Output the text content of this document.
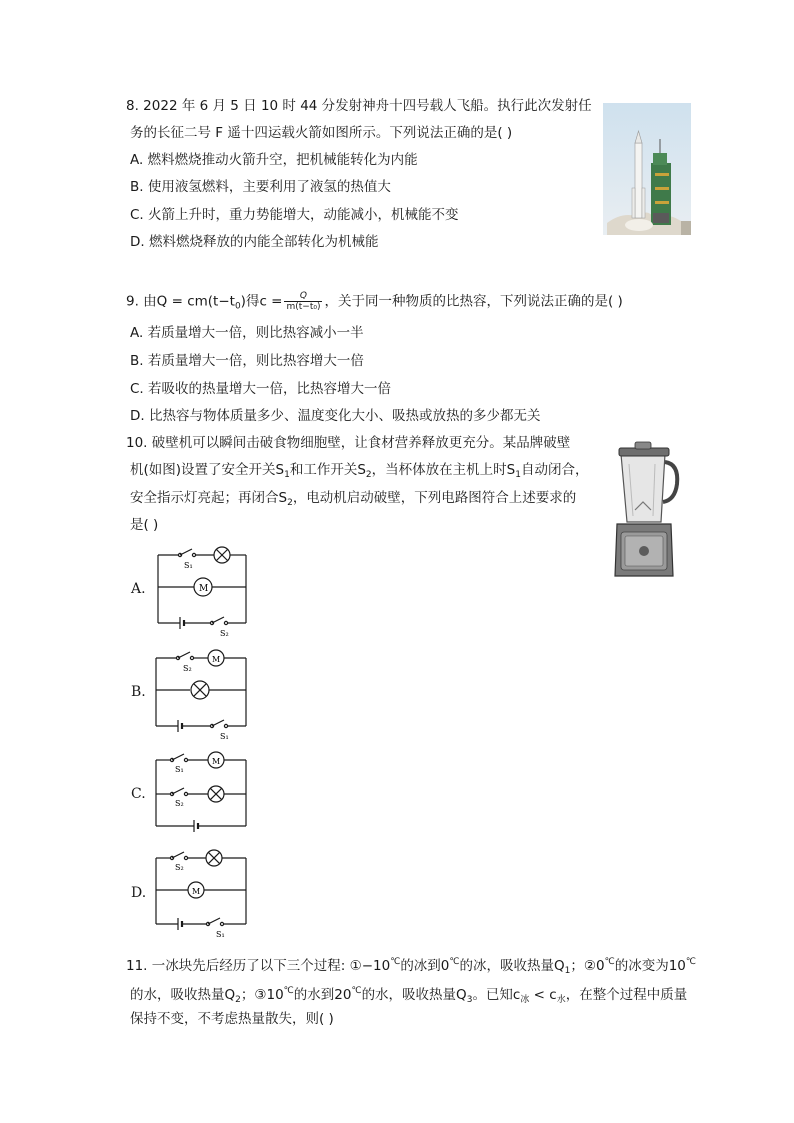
8. 2022 年 6 月 5 日 10 时 44 分发射神舟十四号载人飞船。执行此次发射任
务的长征二号 F 遥十四运载火箭如图所示。下列说法正确的是( )
A. 燃料燃烧推动火箭升空，把机械能转化为内能
B. 使用液氢燃料，主要利用了液氢的热值大
C. 火箭上升时，重力势能增大，动能减小，机械能不变
D. 燃料燃烧释放的内能全部转化为机械能
9. 由$Q = cm(t-t_0)$得$c = \frac{Q}{\text{m(t−t₀)}}$ ，关于同一种物质的比热容，下列说法正确的是( )
A. 若质量增大一倍，则比热容减小一半
B. 若质量增大一倍，则比热容增大一倍
C. 若吸收的热量增大一倍，比热容增大一倍
D. 比热容与物体质量多少、温度变化大小、吸热或放热的多少都无关
10. 破壁机可以瞬间击破食物细胞壁，让食材营养释放更充分。某品牌破壁
机(如图)设置了安全开关$S_1$和工作开关$S_2$，当杯体放在主机上时$S_1$自动闭合，
安全指示灯亮起；再闭合$S_2$，电动机启动破壁，下列电路图符合上述要求的
是( )
A.
B.
C.
D.
M
S₁
S₂
M
S₂
S₁
M
S₁
S₂
M
S₂
S₁
11. 一冰块先后经历了以下三个过程: ①−10℃的冰到0℃的冰，吸收热量$Q_1$；②0℃的冰变为10℃
的水，吸收热量$Q_2$；③10℃的水到20℃的水，吸收热量$Q_3$。已知$c_冰 < c_水$，在整个过程中质量
保持不变，不考虑热量散失，则( )
